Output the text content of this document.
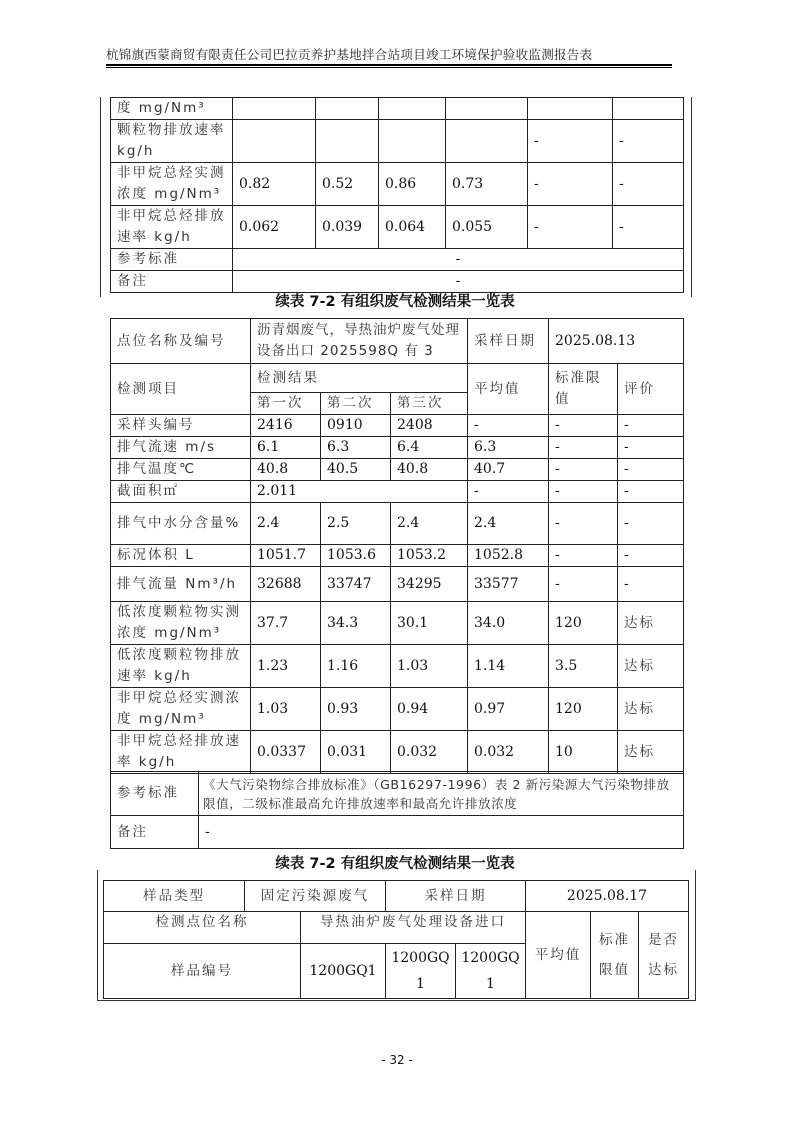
杭锦旗西蒙商贸有限责任公司巴拉贡养护基地拌合站项目竣工环境保护验收监测报告表
度 mg/Nm³						
颗粒物排放速率 kg/h					-	-
非甲烷总烃实测浓度 mg/Nm³	0.82	0.52	0.86	0.73	-	-
非甲烷总烃排放速率 kg/h	0.062	0.039	0.064	0.055	-	-
参考标准	-					
备注	-					
续表 7-2 有组织废气检测结果一览表
点位名称及编号	沥青烟废气，导热油炉废气处理设备出口 2025598Q 有 3			采样日期	2025.08.13	
检测项目	检测结果			平均值	标准限值	评价
	第一次	第二次	第三次			
采样头编号	2416	0910	2408	-	-	-
排气流速 m/s	6.1	6.3	6.4	6.3	-	-
排气温度℃	40.8	40.5	40.8	40.7	-	-
截面积㎡	2.011			-	-	-
排气中水分含量%	2.4	2.5	2.4	2.4	-	-
标况体积 L	1051.7	1053.6	1053.2	1052.8	-	-
排气流量 Nm³/h	32688	33747	34295	33577	-	-
低浓度颗粒物实测浓度 mg/Nm³	37.7	34.3	30.1	34.0	120	达标
低浓度颗粒物排放速率 kg/h	1.23	1.16	1.03	1.14	3.5	达标
非甲烷总烃实测浓度 mg/Nm³	1.03	0.93	0.94	0.97	120	达标
非甲烷总烃排放速率 kg/h	0.0337	0.031	0.032	0.032	10	达标
参考标准	《大气污染物综合排放标准》（GB16297-1996）表 2 新污染源大气污染物排放限值，二级标准最高允许排放速率和最高允许排放浓度
备注	-
续表 7-2 有组织废气检测结果一览表
样品类型	固定污染源废气		采样日期		2025.08.17		
检测点位名称		导热油炉废气处理设备进口			平均值	标准限值	是否达标
样品编号		1200GQ1	1200GQ1	1200GQ1			
- 32 -
